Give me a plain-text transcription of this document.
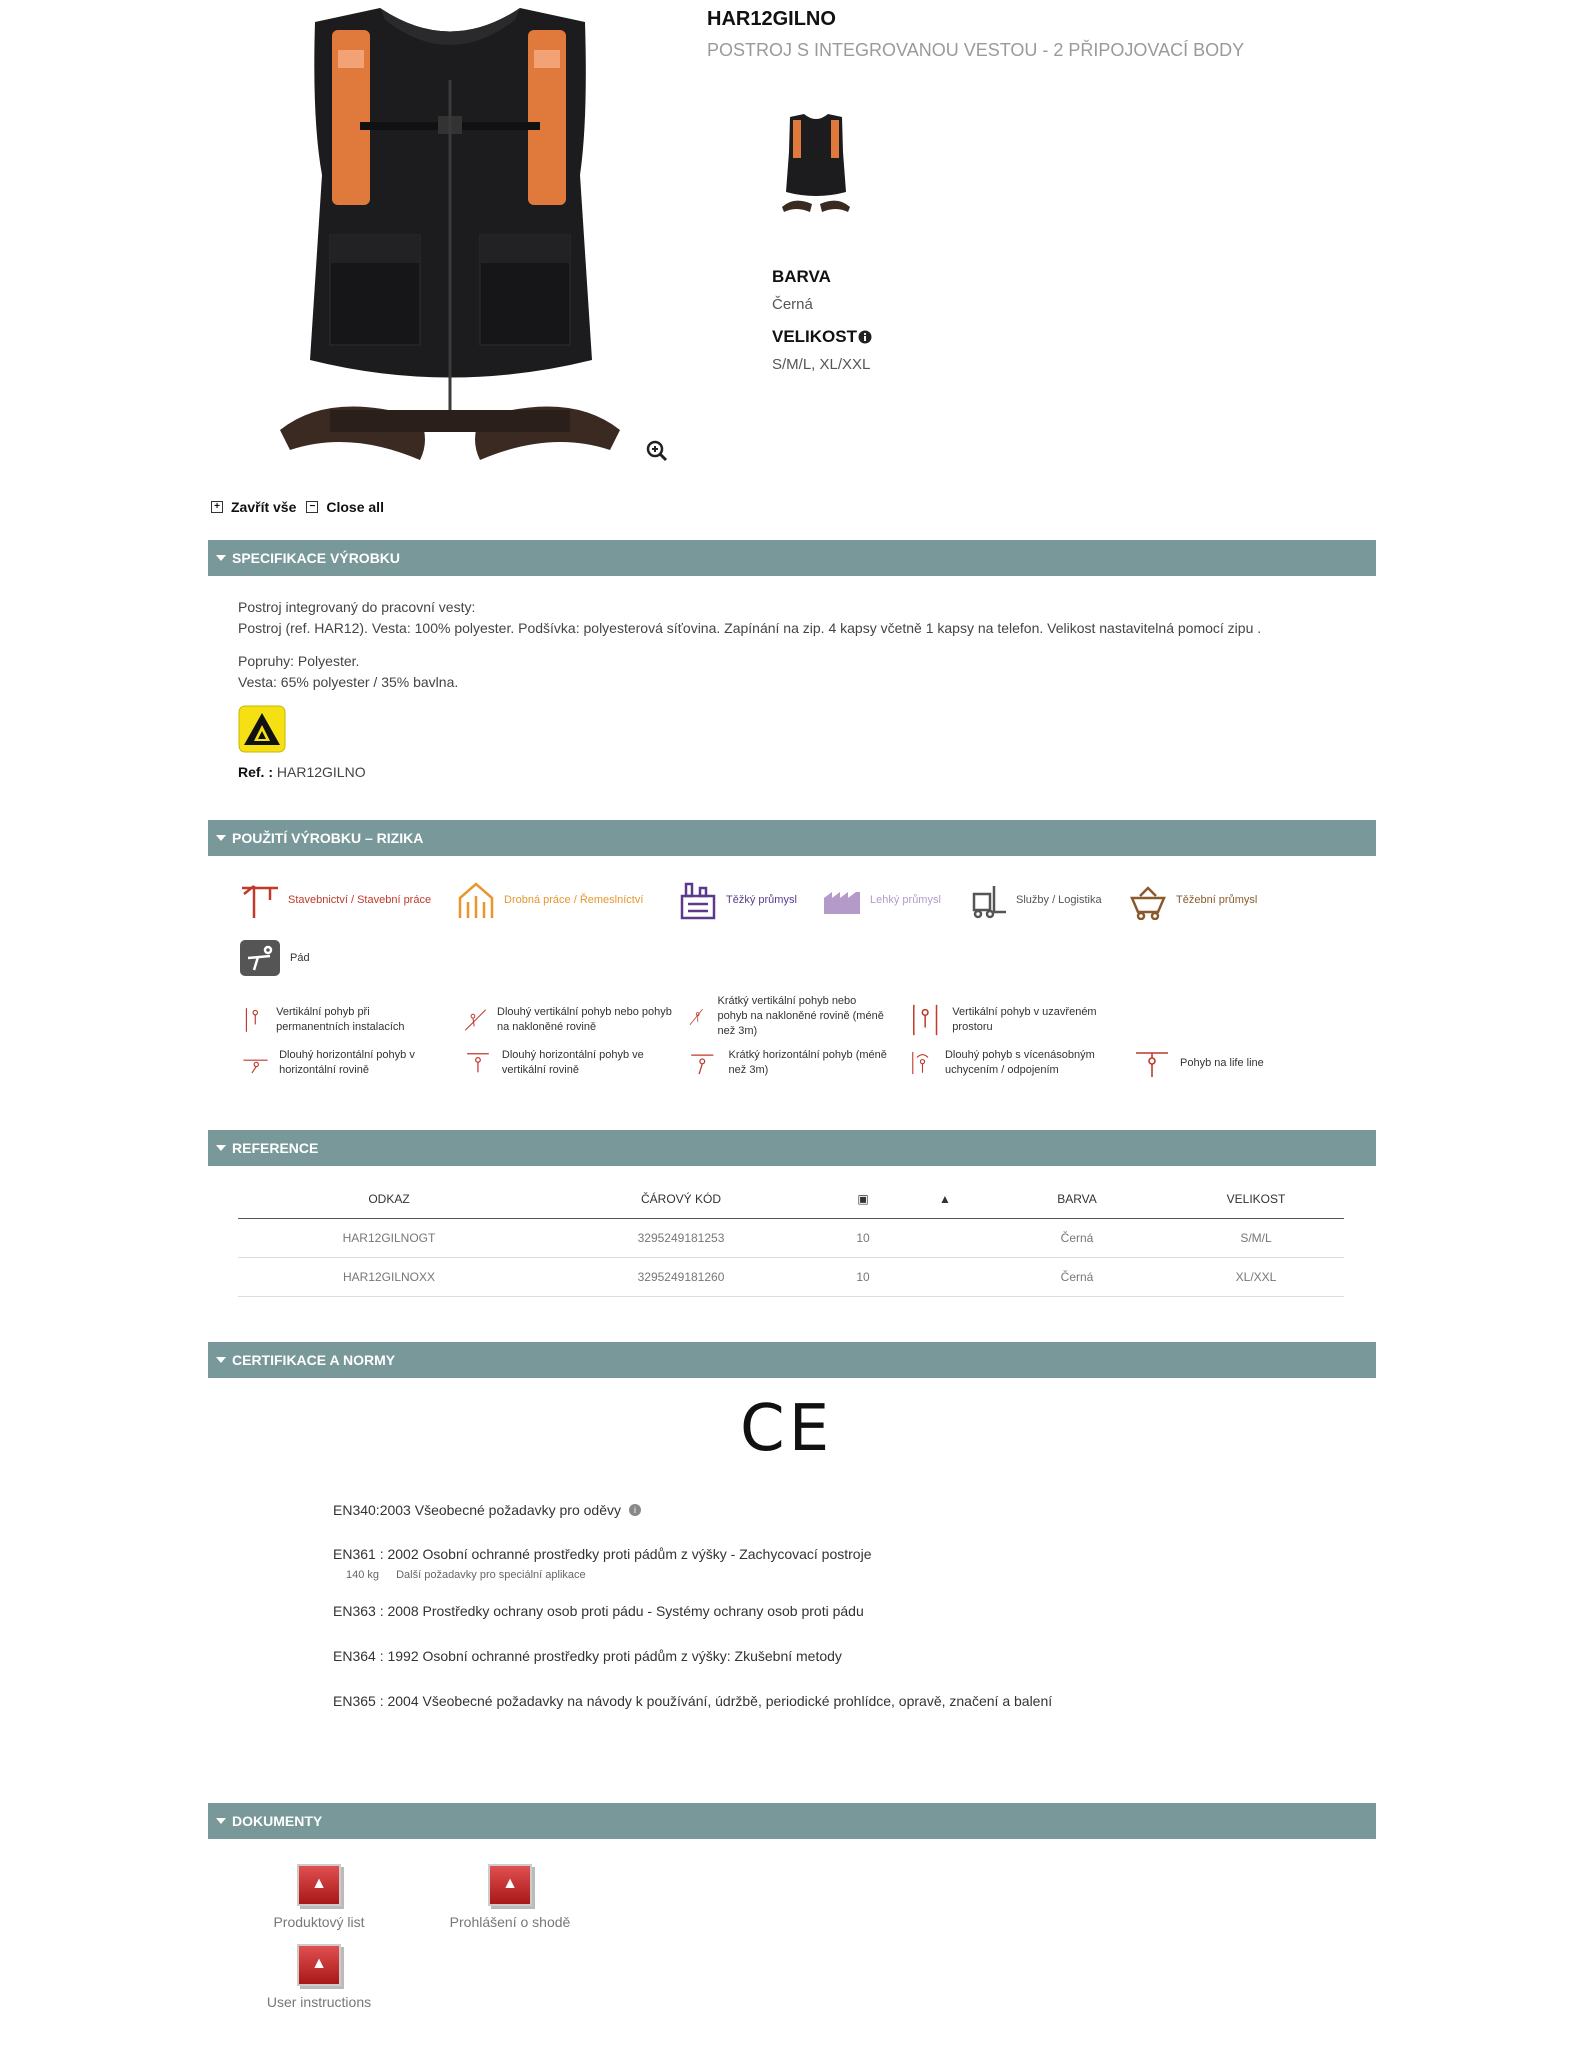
HAR12GILNO
POSTROJ S INTEGROVANOU VESTOU - 2 PŘIPOJOVACÍ BODY
BARVA
Černá
VELIKOST
S/M/L, XL/XXL
+ Zavřít vše	− Close all
SPECIFIKACE VÝROBKU
Postroj integrovaný do pracovní vesty:
Postroj (ref. HAR12). Vesta: 100% polyester. Podšívka: polyesterová síťovina. Zapínání na zip. 4 kapsy včetně 1 kapsy na telefon. Velikost nastavitelná pomocí zipu .
Popruhy: Polyester.
Vesta: 65% polyester / 35% bavlna.
Ref. : HAR12GILNO
POUŽITÍ VÝROBKU – RIZIKA
Stavebnictví / Stavební práce	Drobná práce / Řemeslníctví	Těžký průmysl	Lehký průmysl	Služby / Logistika	Těžební průmysl
Pád
Vertikální pohyb při permanentních instalacích
Dlouhý vertikální pohyb nebo pohyb na nakloněné rovině
Krátký vertikální pohyb nebo pohyb na nakloněné rovině (méně než 3m)
Vertikální pohyb v uzavřeném prostoru
Dlouhý horizontální pohyb v horizontální rovině
Dlouhý horizontální pohyb ve vertikální rovině
Krátký horizontální pohyb (méně než 3m)
Dlouhý pohyb s vícenásobným uchycením / odpojením
Pohyb na life line
REFERENCE
ODKAZ	ČÁROVÝ KÓD	▣	▲	BARVA	VELIKOST
HAR12GILNOGT	3295249181253	10		Černá	S/M/L
HAR12GILNOXX	3295249181260	10		Černá	XL/XXL
CERTIFIKACE A NORMY
CE
EN340:2003 Všeobecné požadavky pro oděvy	i
EN361 : 2002 Osobní ochranné prostředky proti pádům z výšky - Zachycovací postroje
140 kg Další požadavky pro speciální aplikace
EN363 : 2008 Prostředky ochrany osob proti pádu - Systémy ochrany osob proti pádu
EN364 : 1992 Osobní ochranné prostředky proti pádům z výšky: Zkušební metody
EN365 : 2004 Všeobecné požadavky na návody k používání, údržbě, periodické prohlídce, opravě, značení a balení
DOKUMENTY
▲
Produktový list
▲
Prohlášení o shodě
▲
User instructions
